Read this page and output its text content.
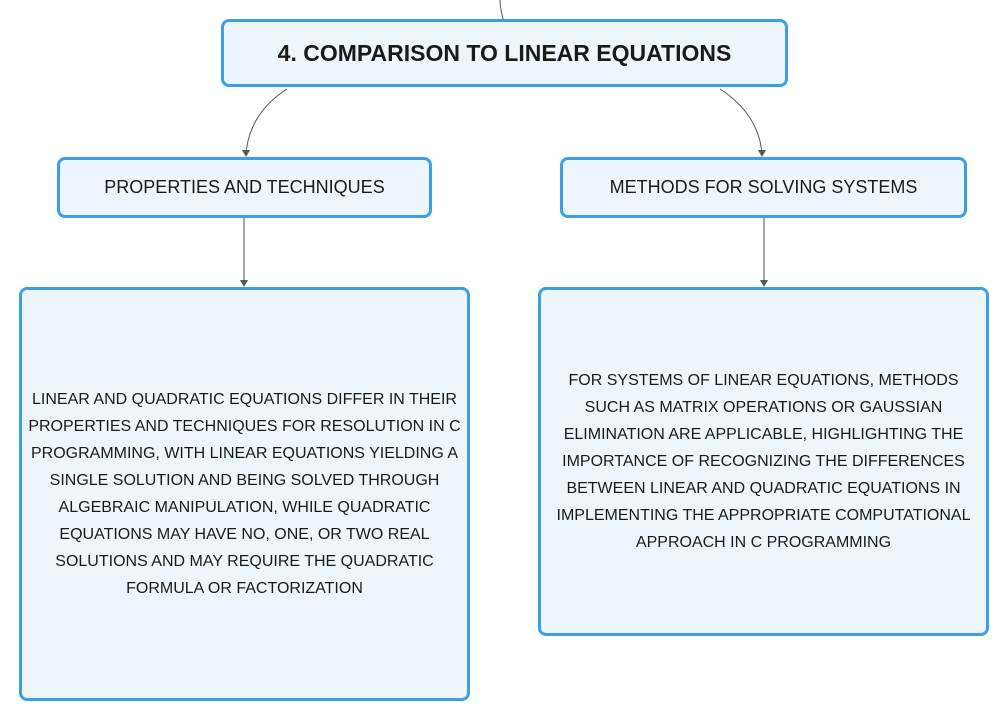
4. COMPARISON TO LINEAR EQUATIONS
PROPERTIES AND TECHNIQUES	METHODS FOR SOLVING SYSTEMS
LINEAR AND QUADRATIC EQUATIONS DIFFER IN THEIR PROPERTIES AND TECHNIQUES FOR RESOLUTION IN C PROGRAMMING, WITH LINEAR EQUATIONS YIELDING A SINGLE SOLUTION AND BEING SOLVED THROUGH ALGEBRAIC MANIPULATION, WHILE QUADRATIC EQUATIONS MAY HAVE NO, ONE, OR TWO REAL SOLUTIONS AND MAY REQUIRE THE QUADRATIC FORMULA OR FACTORIZATION
FOR SYSTEMS OF LINEAR EQUATIONS, METHODS SUCH AS MATRIX OPERATIONS OR GAUSSIAN ELIMINATION ARE APPLICABLE, HIGHLIGHTING THE IMPORTANCE OF RECOGNIZING THE DIFFERENCES BETWEEN LINEAR AND QUADRATIC EQUATIONS IN IMPLEMENTING THE APPROPRIATE COMPUTATIONAL APPROACH IN C PROGRAMMING
